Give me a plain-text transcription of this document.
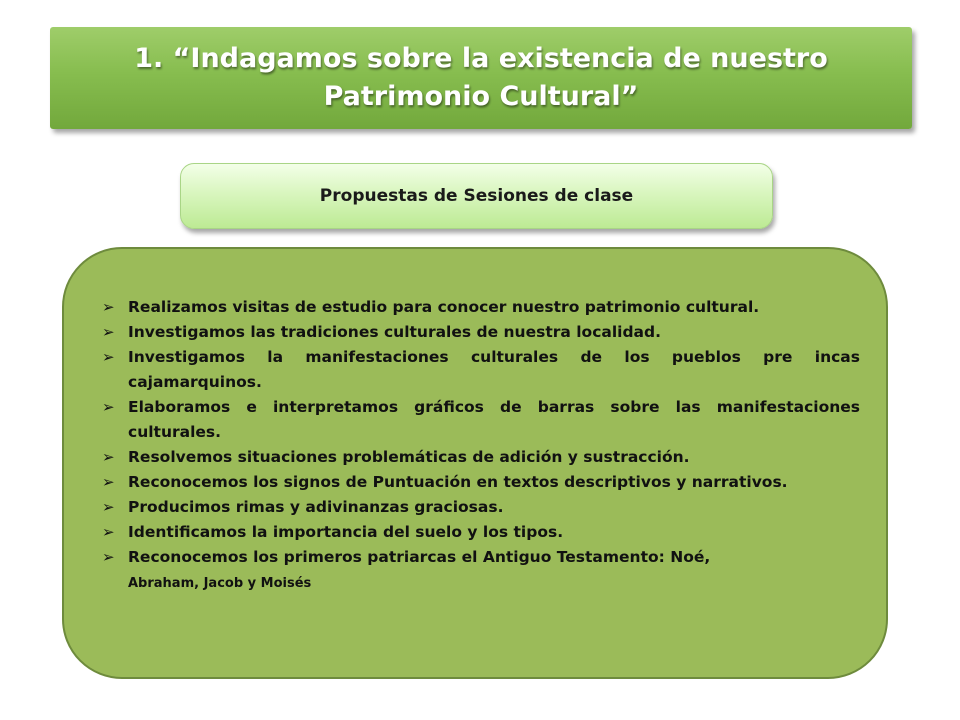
1. “Indagamos sobre la existencia de nuestro Patrimonio Cultural”
Propuestas de Sesiones de clase
➢ Realizamos visitas de estudio para conocer nuestro patrimonio cultural.
➢ Investigamos las tradiciones culturales de nuestra localidad.
➢ Investigamos la manifestaciones culturales de los pueblos pre incas cajamarquinos.
➢ Elaboramos e interpretamos gráficos de barras sobre las manifestaciones culturales.
➢ Resolvemos situaciones problemáticas de adición y sustracción.
➢ Reconocemos los signos de Puntuación en textos descriptivos y narrativos.
➢ Producimos rimas y adivinanzas graciosas.
➢ Identificamos la importancia del suelo y los tipos.
➢ Reconocemos los primeros patriarcas el Antiguo Testamento: Noé,
Abraham, Jacob y Moisés
